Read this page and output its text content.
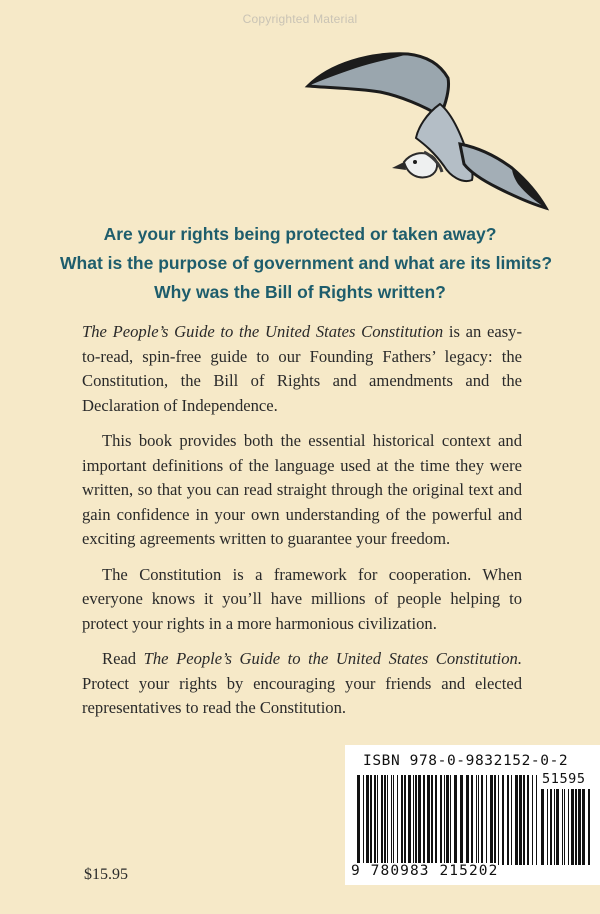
Copyrighted Material
Are your rights being protected or taken away?
What is the purpose of government and what are its limits?
Why was the Bill of Rights written?

The People’s Guide to the United States Constitution is an easy-to-read, spin-free guide to our Founding Fathers’ legacy: the Constitution, the Bill of Rights and amendments and the Declaration of Independence.

This book provides both the essential historical context and important definitions of the language used at the time they were written, so that you can read straight through the original text and gain confidence in your own understanding of the powerful and exciting agreements written to guarantee your freedom.

The Constitution is a framework for cooperation. When everyone knows it you’ll have millions of people helping to protect your rights in a more harmonious civilization.

Read The People’s Guide to the United States Constitution. Protect your rights by encouraging your friends and elected representatives to read the Constitution.

ISBN 978-0-9832152-0-2
51595
9 780983 215202
$15.95
